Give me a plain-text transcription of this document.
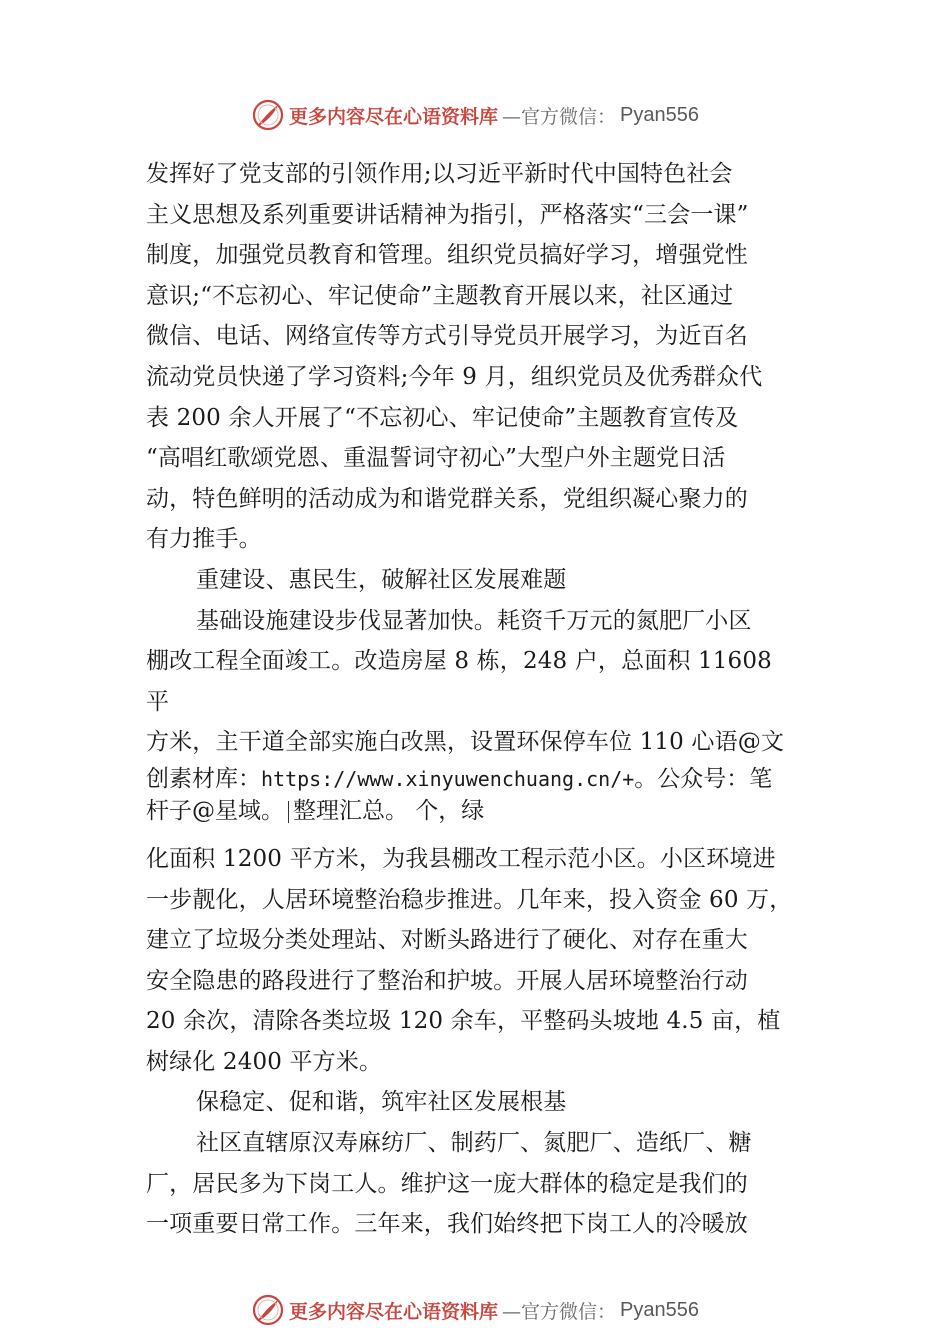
更多内容尽在心语资料库 —官方微信： Pyan556
发挥好了党支部的引领作用;以习近平新时代中国特色社会
主义思想及系列重要讲话精神为指引，严格落实“三会一课”
制度，加强党员教育和管理。组织党员搞好学习，增强党性
意识;“不忘初心、牢记使命”主题教育开展以来，社区通过
微信、电话、网络宣传等方式引导党员开展学习，为近百名
流动党员快递了学习资料;今年 9 月，组织党员及优秀群众代
表 200 余人开展了“不忘初心、牢记使命”主题教育宣传及
“高唱红歌颂党恩、重温誓词守初心”大型户外主题党日活
动，特色鲜明的活动成为和谐党群关系，党组织凝心聚力的
有力推手。
重建设、惠民生，破解社区发展难题
基础设施建设步伐显著加快。耗资千万元的氮肥厂小区
棚改工程全面竣工。改造房屋 8 栋，248 户，总面积 11608
平
方米，主干道全部实施白改黑，设置环保停车位 110 心语@文
创素材库：https://www.xinyuwenchuang.cn/+。公众号：笔
杆子@星域。 整理汇总。 个，绿
化面积 1200 平方米，为我县棚改工程示范小区。小区环境进
一步靓化，人居环境整治稳步推进。几年来，投入资金 60 万，
建立了垃圾分类处理站、对断头路进行了硬化、对存在重大
安全隐患的路段进行了整治和护坡。开展人居环境整治行动
20 余次，清除各类垃圾 120 余车，平整码头坡地 4.5 亩，植
树绿化 2400 平方米。
保稳定、促和谐，筑牢社区发展根基
社区直辖原汉寿麻纺厂、制药厂、氮肥厂、造纸厂、糖
厂，居民多为下岗工人。维护这一庞大群体的稳定是我们的
一项重要日常工作。三年来，我们始终把下岗工人的冷暖放
更多内容尽在心语资料库 —官方微信： Pyan556
